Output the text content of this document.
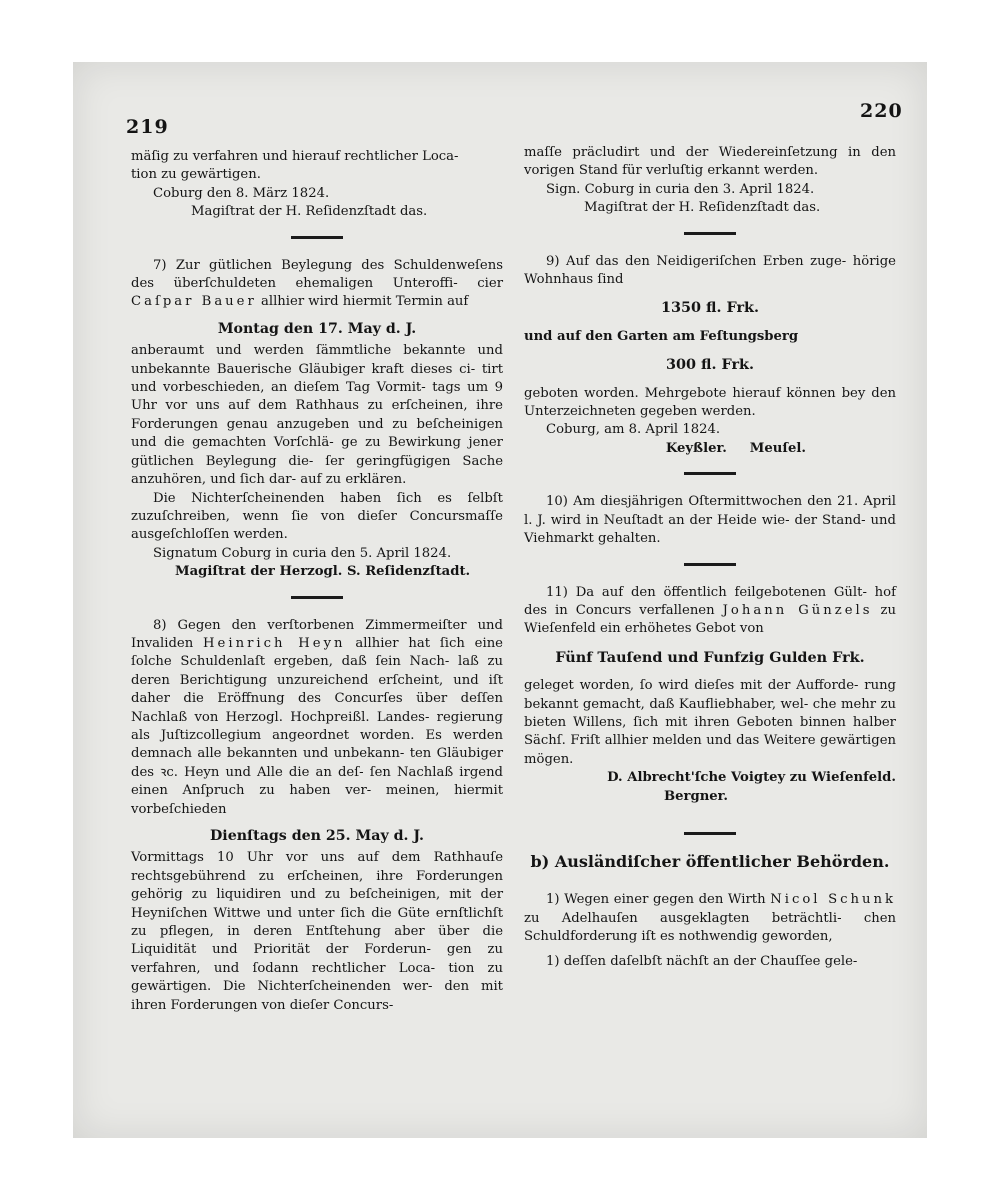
219
220

mäſig zu verfahren und hierauf rechtlicher Loca-

tion zu gewärtigen.

Coburg den 8. März 1824.

Magiſtrat der H. Reſidenzſtadt das.

7) Zur gütlichen Beylegung des Schuldenweſens des überſchuldeten ehemaligen Unteroffi- cier Caſpar Bauer allhier wird hiermit Termin auf

Montag den 17. May d. J.

anberaumt und werden ſämmtliche bekannte und unbekannte Bauerische Gläubiger kraft dieses ci- tirt und vorbeschieden, an dieſem Tag Vormit- tags um 9 Uhr vor uns auf dem Rathhaus zu erſcheinen, ihre Forderungen genau anzugeben und zu beſcheinigen und die gemachten Vorſchlä- ge zu Bewirkung jener gütlichen Beylegung die- ſer geringfügigen Sache anzuhören, und ſich dar- auf zu erklären.

Die Nichterſcheinenden haben ſich es ſelbſt zuzuſchreiben, wenn ſie von dieſer Concursmaſſe ausgeſchloſſen werden.

Signatum Coburg in curia den 5. April 1824.

Magiſtrat der Herzogl. S. Reſidenzſtadt.

8) Gegen den verſtorbenen Zimmermeiſter und Invaliden Heinrich Heyn allhier hat ſich eine ſolche Schuldenlaſt ergeben, daß ſein Nach- laß zu deren Berichtigung unzureichend erſcheint, und iſt daher die Eröffnung des Concurſes über deſſen Nachlaß von Herzogl. Hochpreißl. Landes- regierung als Juſtizcollegium angeordnet worden. Es werden demnach alle bekannten und unbekann- ten Gläubiger des ꝛc. Heyn und Alle die an deſ- ſen Nachlaß irgend einen Anſpruch zu haben ver- meinen, hiermit vorbeſchieden

Dienſtags den 25. May d. J.

Vormittags 10 Uhr vor uns auf dem Rathhauſe rechtsgebührend zu erſcheinen, ihre Forderungen gehörig zu liquidiren und zu beſcheinigen, mit der Heyniſchen Wittwe und unter ſich die Güte ernſtlichſt zu pflegen, in deren Entſtehung aber über die Liquidität und Priorität der Forderun- gen zu verfahren, und ſodann rechtlicher Loca- tion zu gewärtigen. Die Nichterſcheinenden wer- den mit ihren Forderungen von dieſer Concurs-

maſſe präcludirt und der Wiedereinſetzung in den vorigen Stand für verluſtig erkannt werden.

Sign. Coburg in curia den 3. April 1824.

Magiſtrat der H. Reſidenzſtadt das.

9) Auf das den Neidigeriſchen Erben zuge- hörige Wohnhaus ſind

1350 fl. Frk.

und auf den Garten am Feſtungsberg

300 fl. Frk.

geboten worden. Mehrgebote hierauf können bey den Unterzeichneten gegeben werden.

Coburg, am 8. April 1824.

Keyßler.     Meuſel.

10) Am diesjährigen Oſtermittwochen den 21. April l. J. wird in Neuſtadt an der Heide wie- der Stand- und Viehmarkt gehalten.

11) Da auf den öffentlich feilgebotenen Gült- hof des in Concurs verfallenen Johann Günzels zu Wieſenfeld ein erhöhetes Gebot von

Fünf Tauſend und Funfzig Gulden Frk.

geleget worden, ſo wird dieſes mit der Aufforde- rung bekannt gemacht, daß Kaufliebhaber, wel- che mehr zu bieten Willens, ſich mit ihren Geboten binnen halber Sächſ. Friſt allhier melden und das Weitere gewärtigen mögen.

D. Albrecht'ſche Voigtey zu Wieſenfeld.

Bergner.

b) Ausländiſcher öffentlicher Behörden.

1) Wegen einer gegen den Wirth Nicol Schunk zu Adelhauſen ausgeklagten beträchtli- chen Schuldforderung iſt es nothwendig geworden,

1) deſſen daſelbſt nächſt an der Chauſſee gele-
